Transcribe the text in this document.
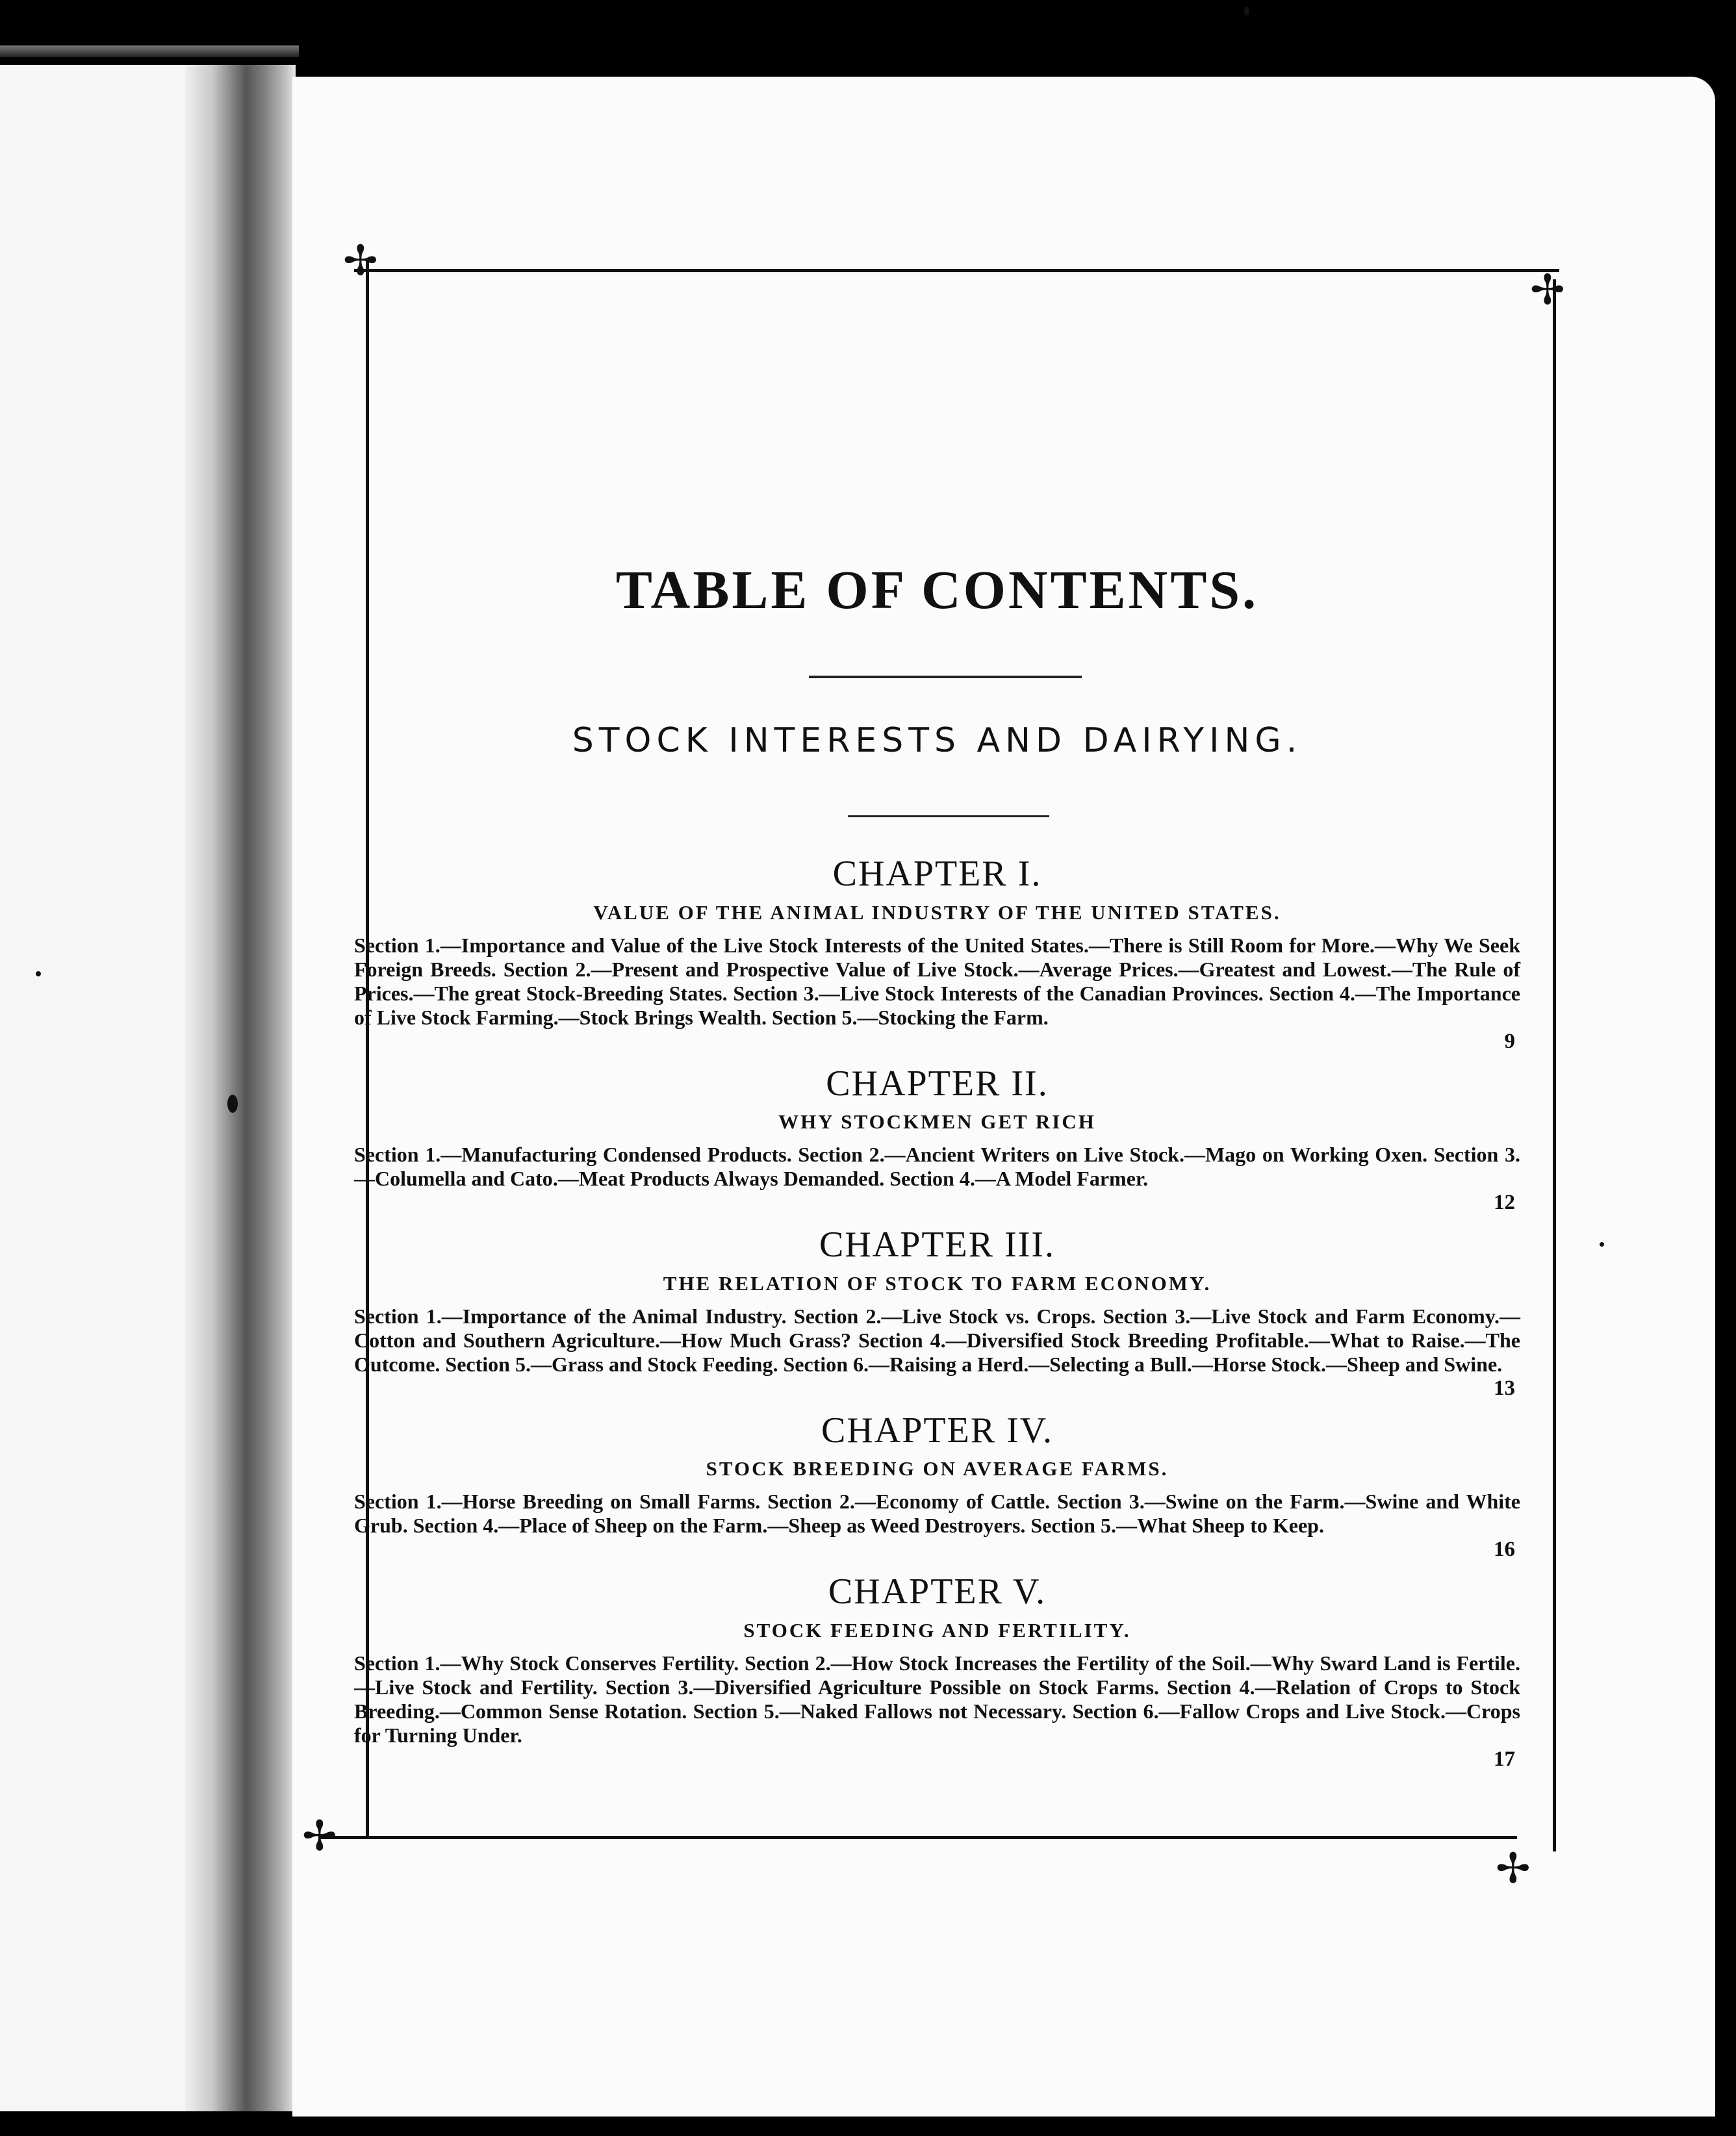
✢
✢
✢
✢
TABLE OF CONTENTS.
STOCK INTERESTS AND DAIRYING.
CHAPTER I.
VALUE OF THE ANIMAL INDUSTRY OF THE UNITED STATES.
Section 1.—Importance and Value of the Live Stock Interests of the United States.—There is Still Room for More.—Why We Seek Foreign Breeds. Section 2.—Present and Prospective Value of Live Stock.—Average Prices.—Greatest and Lowest.—The Rule of Prices.—The great Stock-Breeding States. Section 3.—Live Stock Interests of the Canadian Provinces. Section 4.—The Importance of Live Stock Farming.—Stock Brings Wealth. Section 5.—Stocking the Farm.
9
CHAPTER II.
WHY STOCKMEN GET RICH
Section 1.—Manufacturing Condensed Products. Section 2.—Ancient Writers on Live Stock.—Mago on Working Oxen. Section 3.—Columella and Cato.—Meat Products Always Demanded. Section 4.—A Model Farmer.
12
CHAPTER III.
THE RELATION OF STOCK TO FARM ECONOMY.
Section 1.—Importance of the Animal Industry. Section 2.—Live Stock vs. Crops. Section 3.—Live Stock and Farm Economy.—Cotton and Southern Agriculture.—How Much Grass? Section 4.—Diversified Stock Breeding Profitable.—What to Raise.—The Outcome. Section 5.—Grass and Stock Feeding. Section 6.—Raising a Herd.—Selecting a Bull.—Horse Stock.—Sheep and Swine.
13
CHAPTER IV.
STOCK BREEDING ON AVERAGE FARMS.
Section 1.—Horse Breeding on Small Farms. Section 2.—Economy of Cattle. Section 3.—Swine on the Farm.—Swine and White Grub. Section 4.—Place of Sheep on the Farm.—Sheep as Weed Destroyers. Section 5.—What Sheep to Keep.
16
CHAPTER V.
STOCK FEEDING AND FERTILITY.
Section 1.—Why Stock Conserves Fertility. Section 2.—How Stock Increases the Fertility of the Soil.—Why Sward Land is Fertile.—Live Stock and Fertility. Section 3.—Diversified Agriculture Possible on Stock Farms. Section 4.—Relation of Crops to Stock Breeding.—Common Sense Rotation. Section 5.—Naked Fallows not Necessary. Section 6.—Fallow Crops and Live Stock.—Crops for Turning Under.
17
